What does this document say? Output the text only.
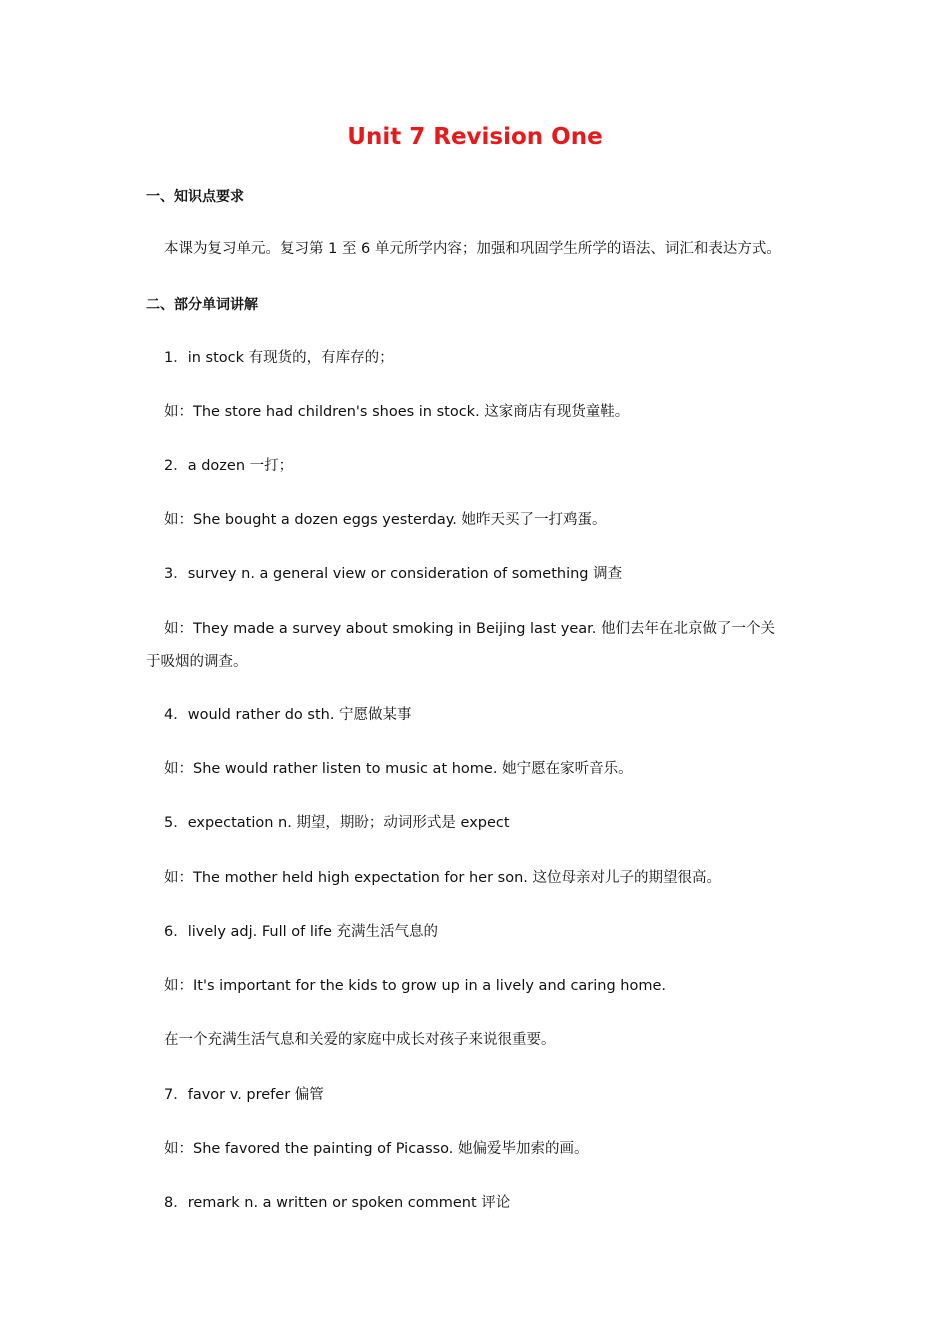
Unit 7 Revision One
一、知识点要求
本课为复习单元。复习第 1 至 6 单元所学内容；加强和巩固学生所学的语法、词汇和表达方式。
二、部分单词讲解
1．in stock 有现货的，有库存的；
如：The store had children's shoes in stock. 这家商店有现货童鞋。
2．a dozen 一打；
如：She bought a dozen eggs yesterday. 她昨天买了一打鸡蛋。
3．survey n. a general view or consideration of something 调查
如：They made a survey about smoking in Beijing last year. 他们去年在北京做了一个关
于吸烟的调查。
4．would rather do sth. 宁愿做某事
如：She would rather listen to music at home. 她宁愿在家听音乐。
5．expectation n. 期望，期盼；动词形式是 expect
如：The mother held high expectation for her son. 这位母亲对儿子的期望很高。
6．lively adj. Full of life 充满生活气息的
如：It's important for the kids to grow up in a lively and caring home.
在一个充满生活气息和关爱的家庭中成长对孩子来说很重要。
7．favor v. prefer 偏管
如：She favored the painting of Picasso. 她偏爱毕加索的画。
8．remark n. a written or spoken comment 评论
